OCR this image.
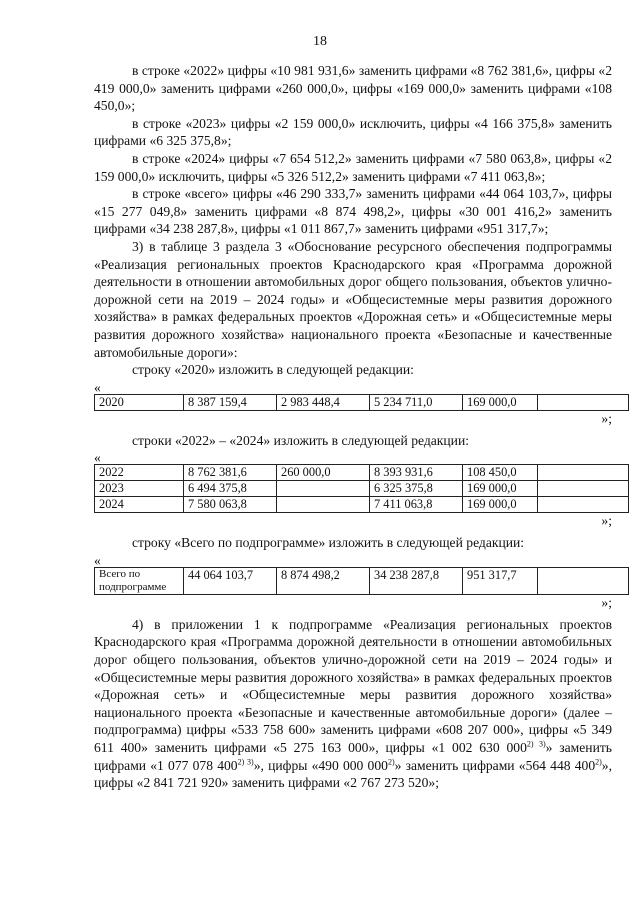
18

в строке «2022» цифры «10 981 931,6» заменить цифрами «8 762 381,6», цифры «2 419 000,0» заменить цифрами «260 000,0», цифры «169 000,0» заменить цифрами «108 450,0»;

в строке «2023» цифры «2 159 000,0» исключить, цифры «4 166 375,8» заменить цифрами «6 325 375,8»;

в строке «2024» цифры «7 654 512,2» заменить цифрами «7 580 063,8», цифры «2 159 000,0» исключить, цифры «5 326 512,2» заменить цифрами «7 411 063,8»;

в строке «всего» цифры «46 290 333,7» заменить цифрами «44 064 103,7», цифры «15 277 049,8» заменить цифрами «8 874 498,2», цифры «30 001 416,2» заменить цифрами «34 238 287,8», цифры «1 011 867,7» заменить цифрами «951 317,7»;

3) в таблице 3 раздела 3 «Обоснование ресурсного обеспечения подпрограммы «Реализация региональных проектов Краснодарского края «Программа дорожной деятельности в отношении автомобильных дорог общего пользования, объектов улично-дорожной сети на 2019 – 2024 годы» и «Общесистемные меры развития дорожного хозяйства» в рамках федеральных проектов «Дорожная сеть» и «Общесистемные меры развития дорожного хозяйства» национального проекта «Безопасные и качественные автомобильные дороги»:

строку «2020» изложить в следующей редакции:

«
2020	8 387 159,4	2 983 448,4	5 234 711,0	169 000,0	
»;

строки «2022» – «2024» изложить в следующей редакции:

«
2022	8 762 381,6	260 000,0	8 393 931,6	108 450,0	
2023	6 494 375,8		6 325 375,8	169 000,0	
2024	7 580 063,8		7 411 063,8	169 000,0	
»;

строку «Всего по подпрограмме» изложить в следующей редакции:

«
Всего по подпрограмме	44 064 103,7	8 874 498,2	34 238 287,8	951 317,7	
»;

4) в приложении 1 к подпрограмме «Реализация региональных проектов Краснодарского края «Программа дорожной деятельности в отношении автомобильных дорог общего пользования, объектов улично-дорожной сети на 2019 – 2024 годы» и «Общесистемные меры развития дорожного хозяйства» в рамках федеральных проектов «Дорожная сеть» и «Общесистемные меры развития дорожного хозяйства» национального проекта «Безопасные и качественные автомобильные дороги» (далее – подпрограмма) цифры «533 758 600» заменить цифрами «608 207 000», цифры «5 349 611 400» заменить цифрами «5 275 163 000», цифры «1 002 630 $000^{2) 3)}$» заменить цифрами «1 077 078 $400^{2) 3)}$», цифры «490 000 000$^{2)}$» заменить цифрами «564 448 400$^{2)}$», цифры «2 841 721 920» заменить цифрами «2 767 273 520»;
